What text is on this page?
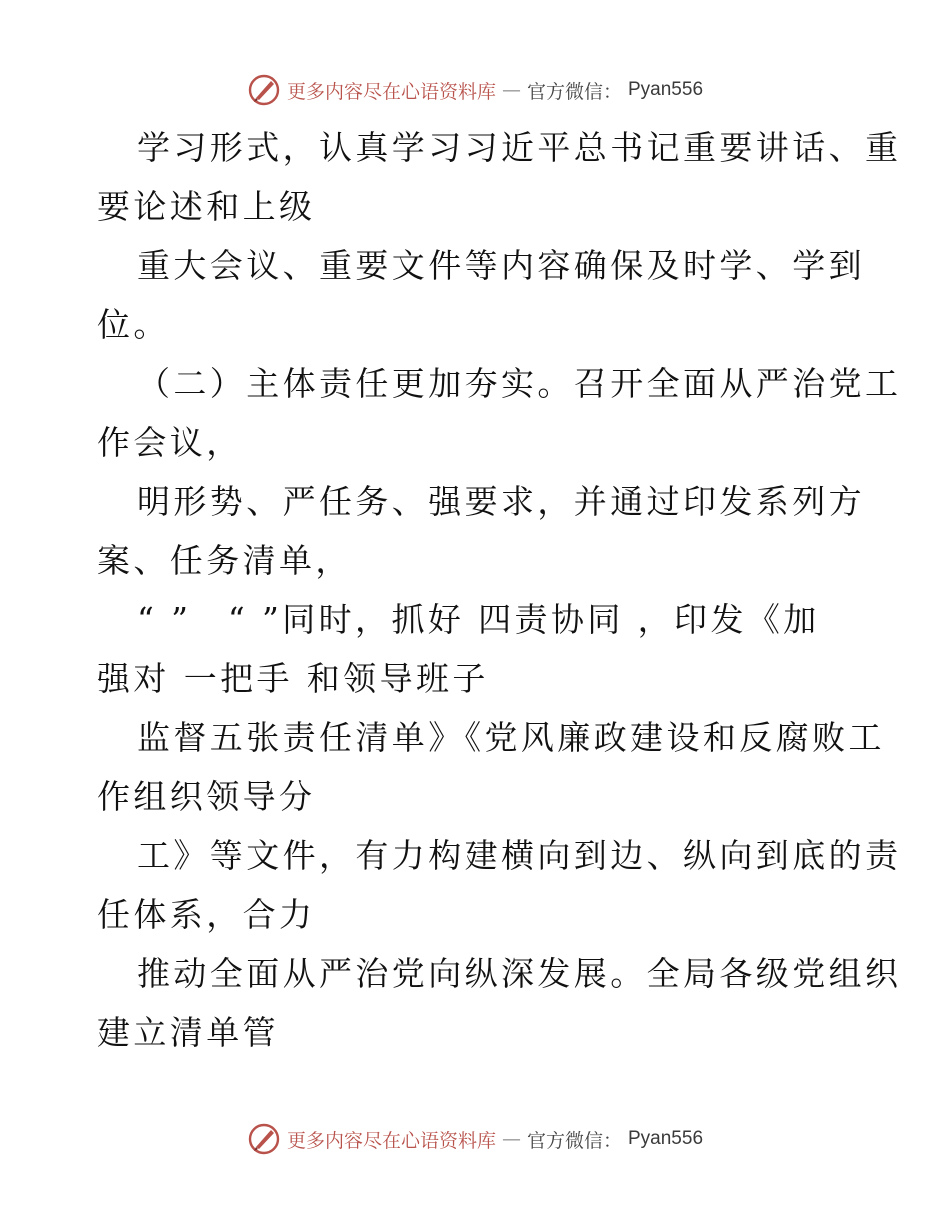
更多内容尽在心语资料库 — 官方微信： Pyan556
学习形式，认真学习习近平总书记重要讲话、重
要论述和上级
重大会议、重要文件等内容确保及时学、学到
位。
（二）主体责任更加夯实。召开全面从严治党工
作会议，
明形势、严任务、强要求，并通过印发系列方
案、任务清单，
“ ”　“ ”同时，抓好 四责协同 ，印发《加
强对 一把手 和领导班子
监督五张责任清单》《党风廉政建设和反腐败工
作组织领导分
工》等文件，有力构建横向到边、纵向到底的责
任体系，合力
推动全面从严治党向纵深发展。全局各级党组织
建立清单管
更多内容尽在心语资料库 — 官方微信： Pyan556
